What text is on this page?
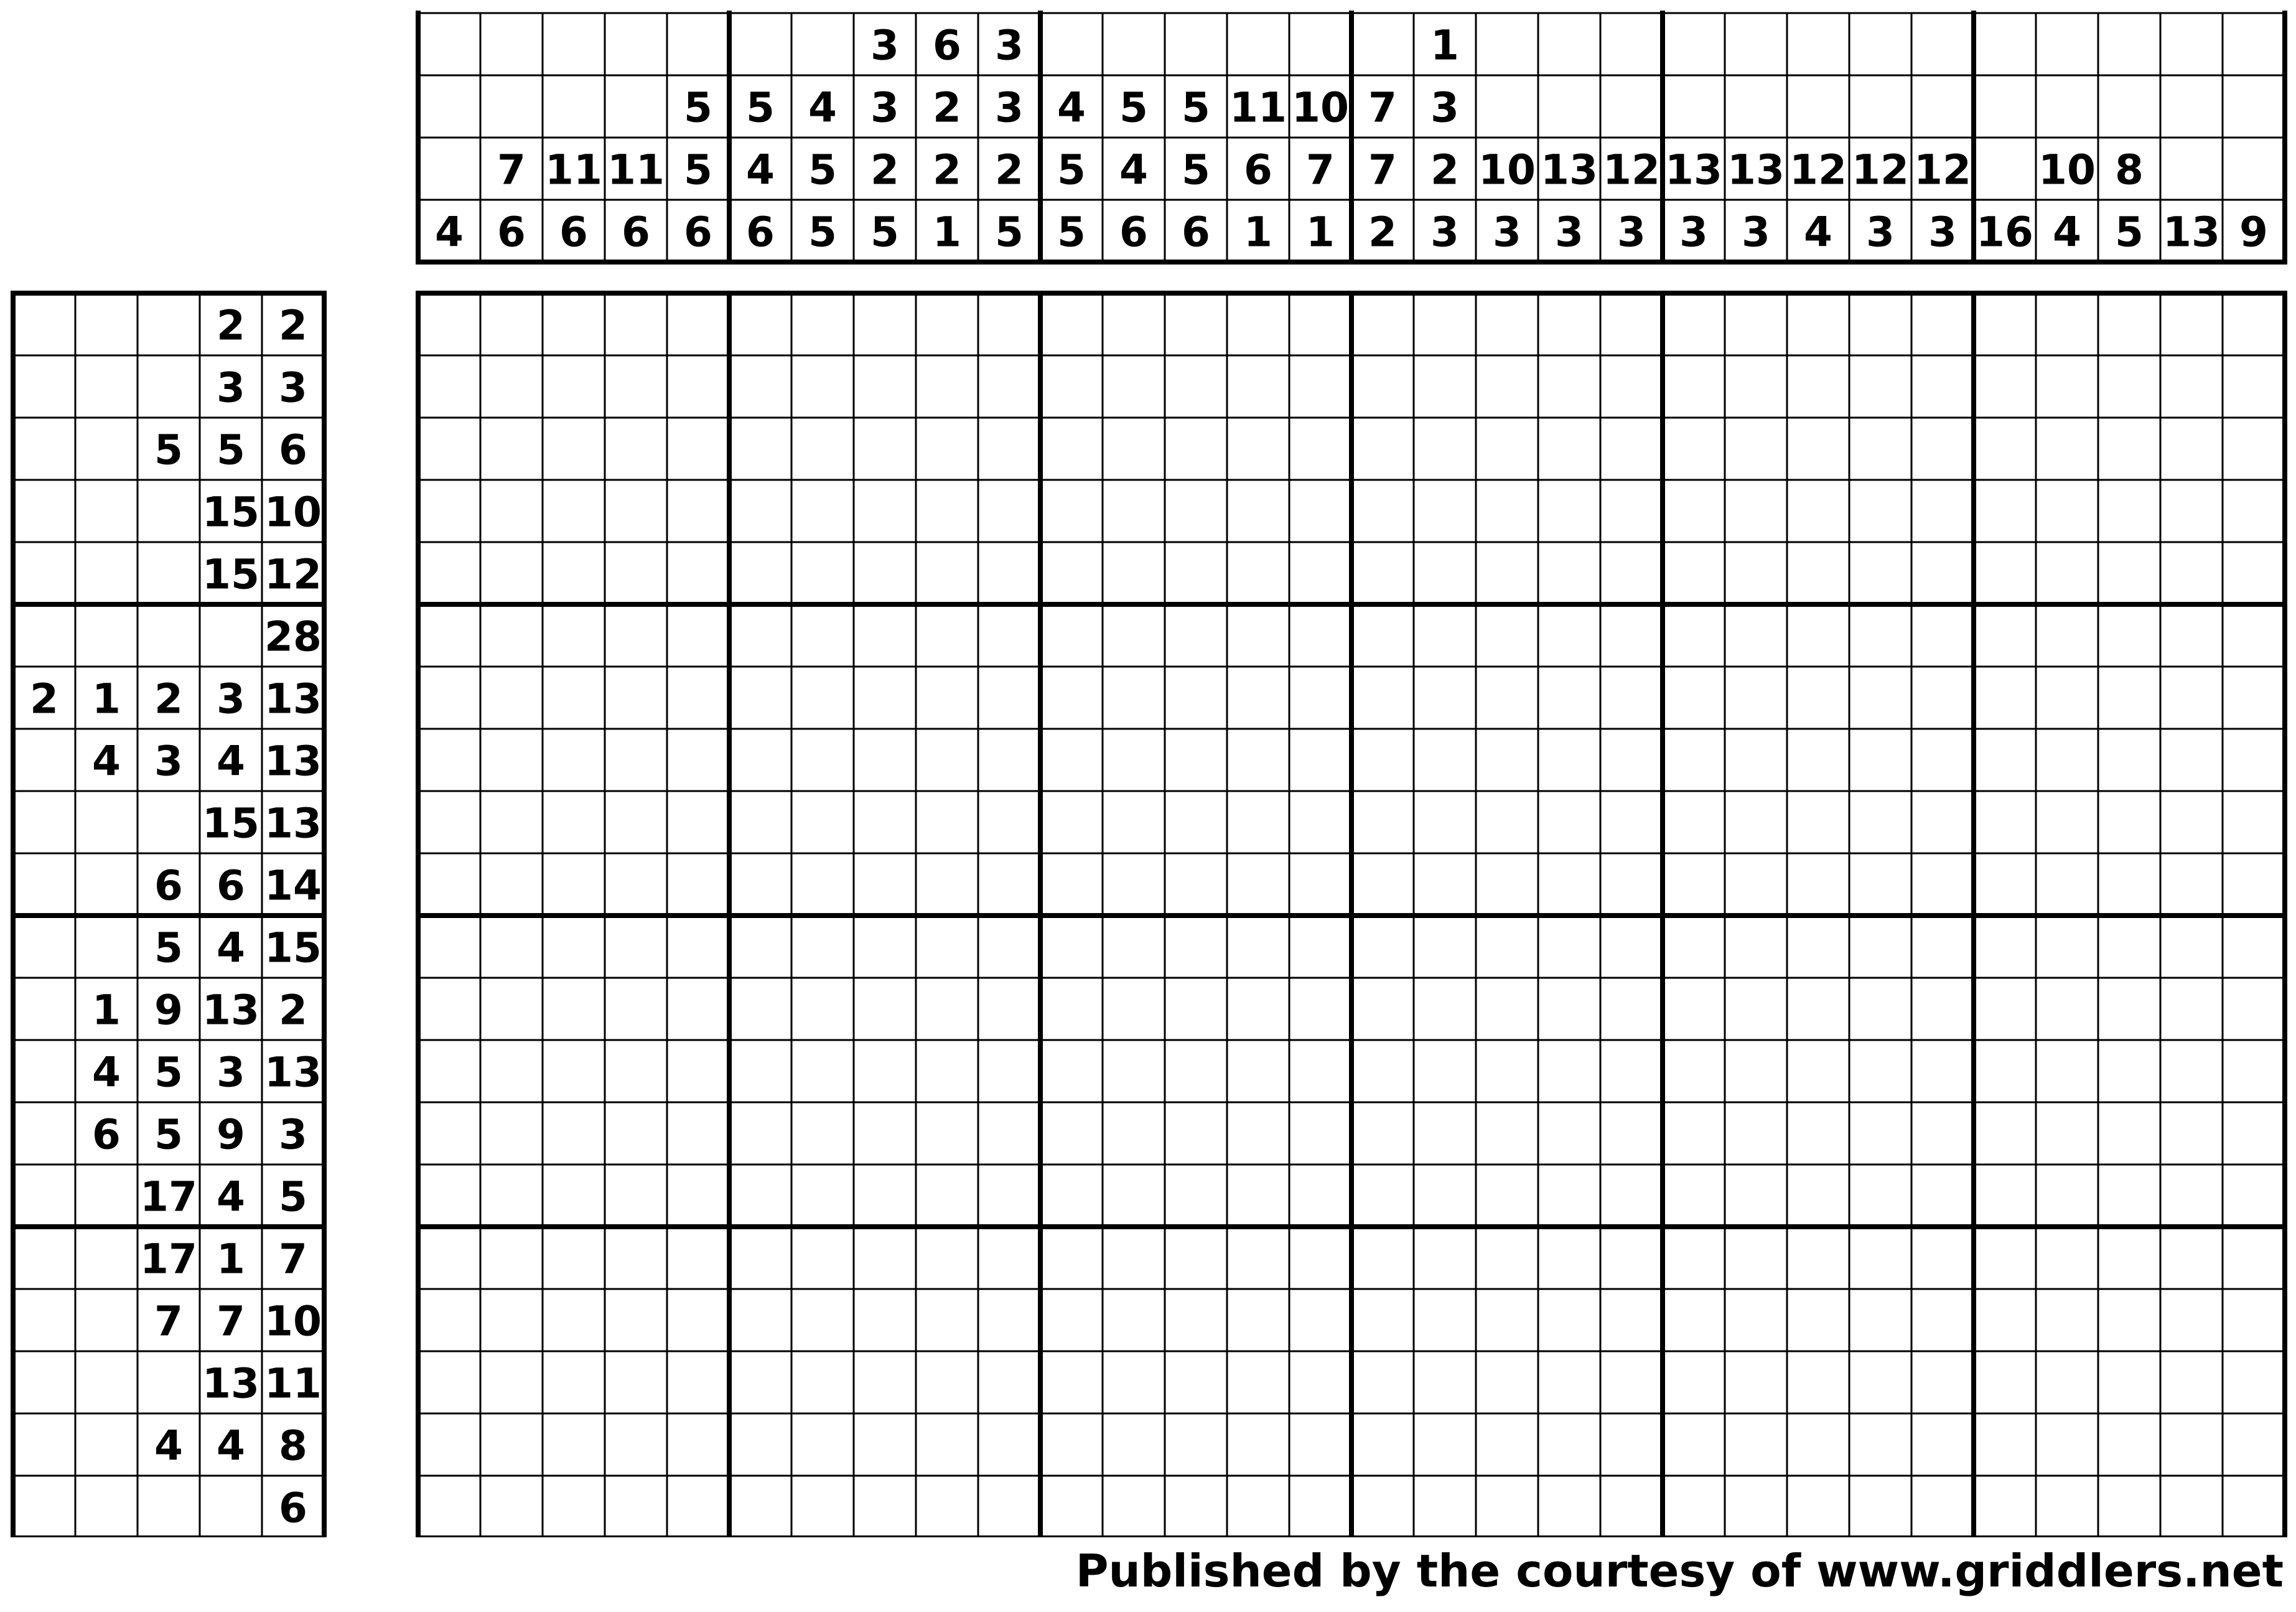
4
7
6
11
6
11
6
5
5
6
5
4
6
4
5
5
3
3
2
5
6
2
2
1
3
3
2
5
4
5
5
5
4
6
5
5
6
11
6
1
10
7
1
7
7
2
1
3
2
3
10
3
13
3
12
3
13
3
13
3
12
4
12
3
12
3 16
10
4
8
5 13 9
2 2
3 3
5 5 6
15 10
15 12
28
2 1 2 3 13
4 3 4 13
15 13
6 6 14
5 4 15
1 9 13 2
4 5 3 13
6 5 9 3
17 4 5
17 1 7
7 7 10
13 11
4 4 8
6
Published by the courtesy of www.griddlers.net
